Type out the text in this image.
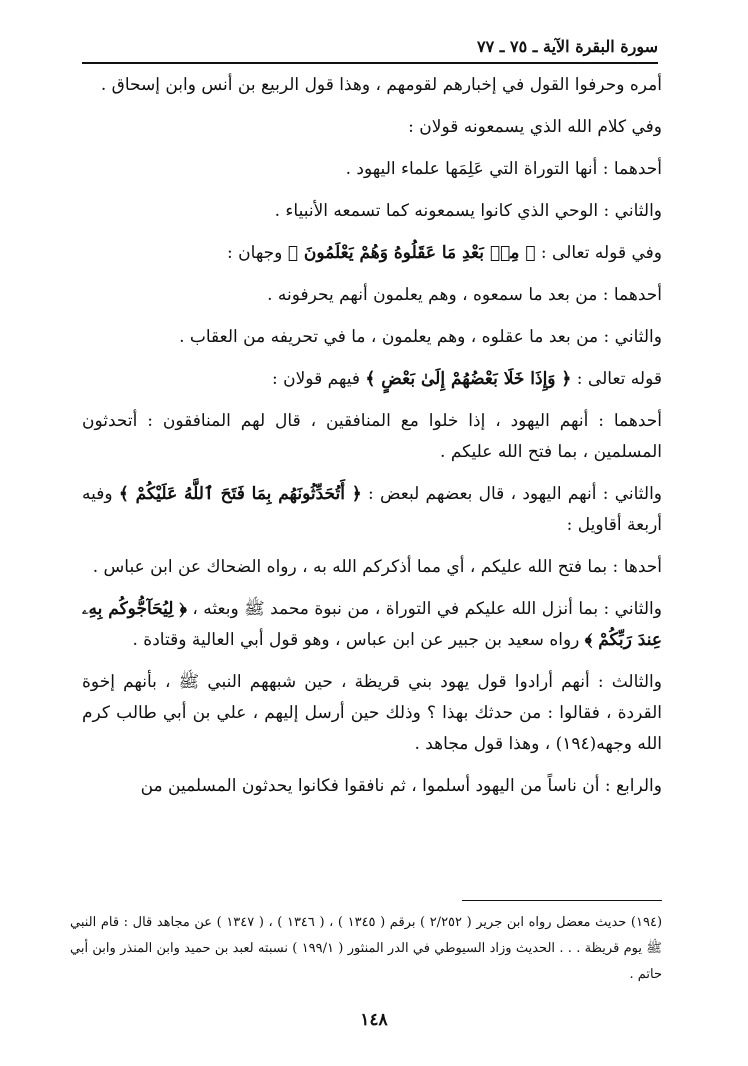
سورة البقرة الآية ـ ٧٥ ـ ٧٧

أمره وحرفوا القول في إخبارهم لقومهم ، وهذا قول الربيع بن أنس وابن إسحاق .

وفي كلام الله الذي يسمعونه قولان :

أحدهما : أنها التوراة التي عَلِمَها علماء اليهود .

والثاني : الوحي الذي كانوا يسمعونه كما تسمعه الأنبياء .

وفي قوله تعالى : ﴿ مِنۢ بَعْدِ مَا عَقَلُوهُ وَهُمْ يَعْلَمُونَ ﴾ وجهان :

أحدهما : من بعد ما سمعوه ، وهم يعلمون أنهم يحرفونه .

والثاني : من بعد ما عقلوه ، وهم يعلمون ، ما في تحريفه من العقاب .

قوله تعالى : ﴿ وَإِذَا خَلَا بَعْضُهُمْ إِلَىٰ بَعْضٍ ﴾ فيهم قولان :

أحدهما : أنهم اليهود ، إذا خلوا مع المنافقين ، قال لهم المنافقون : أتحدثون المسلمين ، بما فتح الله عليكم .

والثاني : أنهم اليهود ، قال بعضهم لبعض : ﴿ أَتُحَدِّثُونَهُم بِمَا فَتَحَ ٱللَّهُ عَلَيْكُمْ ﴾ وفيه أربعة أقاويل :

أحدها : بما فتح الله عليكم ، أي مما أذكركم الله به ، رواه الضحاك عن ابن عباس .

والثاني : بما أنزل الله عليكم في التوراة ، من نبوة محمد ﷺ وبعثه ، ﴿ لِيُحَآجُّوكُم بِهِۦ عِندَ رَبِّكُمْ ﴾ رواه سعيد بن جبير عن ابن عباس ، وهو قول أبي العالية وقتادة .

والثالث : أنهم أرادوا قول يهود بني قريظة ، حين شبههم النبي ﷺ ، بأنهم إخوة القردة ، فقالوا : من حدثك بهذا ؟ وذلك حين أرسل إليهم ، علي بن أبي طالب كرم الله وجهه(١٩٤) ، وهذا قول مجاهد .

والرابع : أن ناساً من اليهود أسلموا ، ثم نافقوا فكانوا يحدثون المسلمين من

(١٩٤) حديث معضل رواه ابن جرير ( ٢/٢٥٢ ) برقم ( ١٣٤٥ ) ، ( ١٣٤٦ ) ، ( ١٣٤٧ ) عن مجاهد قال : قام النبي ﷺ يوم قريظة . . . الحديث وزاد السيوطي في الدر المنثور ( ١٩٩/١ ) نسبته لعبد بن حميد وابن المنذر وابن أبي حاتم .
١٤٨
